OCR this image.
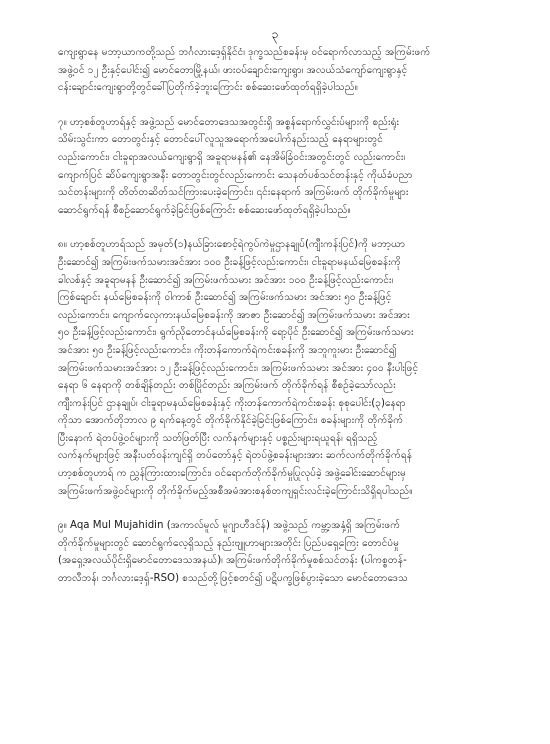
၃

ကျေးရွာနေ မဘာ့ယာကတို့သည် ဘင်္ဂလားဒေ့ရှ်နိုင်ငံ၊ ဒုက္ခသည်စခန်းမှ ဝင်ရောက်လာသည့် အကြမ်းဖက်

အဖွဲ့ဝင် ၁၂ ဦးနှင့်ပေါင်း၍ မောင်တောမြို့နယ်၊ ဖားဝပ်ချောင်းကျေးရွာ၊ အလယ်သံကျော်ကျေးရွာနှင့်

ငန်းချောင်းကျေးရွာတို့တွင်ခေါ်ပြတိုက်ခဲ့ဘူးကြောင်း စစ်ဆေးဖော်ထုတ်ရရှိခဲ့ပါသည်။

၇။ ဟာ့စစ်တူဟာရ်နှင့် အဖွဲ့သည် မောင်တောဒေသအတွင်းရှိ အစ္စန်ရောက်လွှင်းပ်များကို စည်းရုံး

သိမ်းသွင်းကာ တောတွင်းနှင့် တောင်ပေါ်လူသူအရောက်အပေါက်နည်းသည့် နေရာများတွင်

လည်းကောင်း၊ ငါးခူရာအလယ်ကျေးရွာရှိ အခူရာမနန်၏ နေအိမ်ခြံဝင်းအတွင်းတွင် လည်းကောင်း၊

ကျောက်ပြင် ဆိပ်ကျေးရွာအနီး တောတွင်းတွင်လည်းကောင်း သေနတ်ပစ်သင်တန်းနှင့် ကိုယ်ခံပညာ

သင်တန်းများကို တိတ်တဆိတ်သင်ကြားပေးခဲ့ကြောင်း၊ ၎င်းနေရာက် အကြမ်းဖက် တိုက်ခိုက်မှုများ

ဆောင်ရွက်ရန် စီစဉ်ဆောင်ရွက်ခဲ့ခြင်းဖြစ်ကြောင်း စစ်ဆေးဖော်ထုတ်ရရှိခဲ့ပါသည်။

၈။ ဟာ့စစ်တူဟာရ်သည် အမှတ်(၁)နယ်ခြားစောင့်ရဲကွပ်ကဲမှုဌာနချုပ်(ကျီးကန်းပြင်)ကို မဘာ့ယာ

ဦးဆောင်၍ အကြမ်းဖက်သမားအင်အား ၁၀၀ ဦးခန့်ဖြင့်လည်းကောင်း၊ ငါးခူရာမနယ်မြေစခန်းကို

ခါလစ်နှင့် အခူရာမနန် ဦးဆောင်၍ အကြမ်းဖက်သမား အင်အား ၁၀၀ ဦးခန့်ဖြင့်လည်းကောင်း၊

ကြစ်ချောင်း နယ်မြေစခန်းကို ဝါကာစ် ဦးဆောင်၍ အကြမ်းဖက်သမား အင်အား ၅၀ ဦးခန့်ဖြင့်

လည်းကောင်း၊ ကျောက်လှေကားနယ်မြေစခန်းကို အာဇာ ဦးဆောင်၍ အကြမ်းဖက်သမား အင်အား

၅၀ ဦးခန့်ဖြင့်လည်းကောင်း၊ ရွက်ညိုတောင်နယ်မြေစခန်းကို ရော့ပိုင် ဦးဆောင်၍ အကြမ်းဖက်သမား

အင်အား ၅၀ ဦးခန့်ဖြင့်လည်းကောင်း၊ ကိုးတန်ကောက်ရဲကင်းစခန်းကို အဘူကူးမား ဦးဆောင်၍

အကြမ်းဖက်သမားအင်အား ၁၂ ဦးခန့်ဖြင့်လည်းကောင်း၊ အကြမ်းဖက်သမား အင်အား ၄၀၀ နီးပါးဖြင့်

နေရာ ၆ နေရာကို တစ်ချိန်တည်း တစ်ပြိုင်တည်း အကြမ်းဖက် တိုက်ခိုက်ရန် စီစဉ်ခဲ့သော်လည်း

ကျီးကန်းပြင် ဌာနချုပ်၊ ငါးခူရာမနယ်မြေစခန်းနှင့် ကိုးတန်ကောက်ရဲကင်းစခန်း စုစုပေါင်း(၃)နေရာ

ကိုသာ အောက်တိုဘာလ ၉ ရက်နေ့တွင် တိုက်ခိုက်နိုင်ခဲ့ခြင်းဖြစ်ကြောင်း၊ စခန်းများကို တိုက်ခိုက်

ပြီးနောက် ရဲတပ်ဖွဲ့ဝင်များကို သတ်ဖြတ်ပြီး လက်နက်များနှင့် ပစ္စည်းများရယူရန်၊ ရရှိသည့်

လက်နက်များဖြင့် အနီးပတ်ဝန်းကျင်ရှိ တပ်တော်နှင့် ရဲတပ်ဖွဲ့စခန်းများအား ဆက်လက်တိုက်ခိုက်ရန်

ဟာ့စစ်တူဟာရ် က ညွှန်ကြားထားကြောင်း၊ ဝင်ရောက်တိုက်ခိုက်မှုပြုလုပ်ခဲ့ အဖွဲ့ခေါင်းဆောင်များမှ

အကြမ်းဖက်အဖွဲ့ဝင်များကို တိုက်ခိုက်မည့်အစီအမံအားစနစ်တကျရှင်းလင်းခဲ့ကြောင်းသိရှိရပါသည်။

၉။ Aqa Mul Mujahidin (အကာလ်မူလ် မူဂျာဟီဒင်န်) အဖွဲ့သည် ကမ္ဘာ့အနှံ့ရှိ အကြမ်းဖက်

တိုက်ခိုက်မှုများတွင် ဆောင်ရွက်လေ့ရှိသည့် နည်းဗျူဟာများအတိုင်း ပြည်ပရှေ့ကြေး တောင်ပံမှု

(အရှေ့အလယ်ပိုင်းရှိမောင်တောဒေသအနယ်)၊ အကြမ်းဖက်တိုက်ခိုက်မှုစစ်သင်တန်း (ပါကစ္စတန်-

တာလီဘန်၊ ဘင်္ဂလားဒေ့ရှ်-RSO) စသည်တို့ဖြင့်စတင်၍ ပဋိပက္ခဖြစ်ပွားခဲ့သော မောင်တောဒေသ
